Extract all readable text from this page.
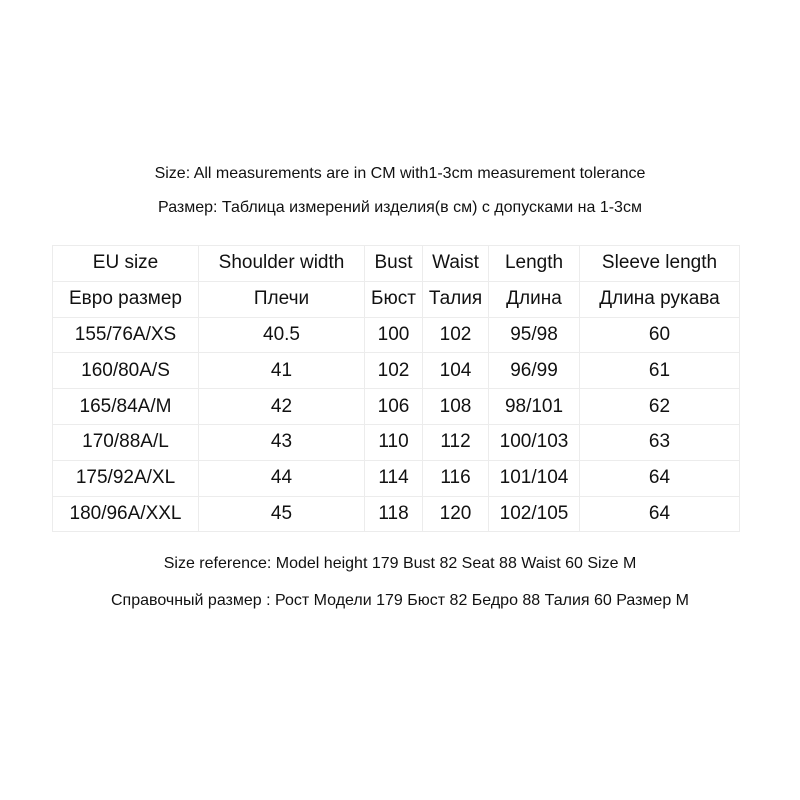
Size: All measurements are in CM with1-3cm measurement tolerance
Размер: Таблица измерений изделия(в см) с допусками на 1-3см
EU size	Shoulder width	Bust	Waist	Length	Sleeve length
Евро размер	Плечи	Бюст	Талия	Длина	Длина рукава
155/76A/XS	40.5	100	102	95/98	60
160/80A/S	41	102	104	96/99	61
165/84A/M	42	106	108	98/101	62
170/88A/L	43	110	112	100/103	63
175/92A/XL	44	114	116	101/104	64
180/96A/XXL	45	118	120	102/105	64
Size reference: Model height 179 Bust 82 Seat 88 Waist 60 Size M
Справочный размер : Рост Модели 179 Бюст 82 Бедро 88 Талия 60 Размер M
